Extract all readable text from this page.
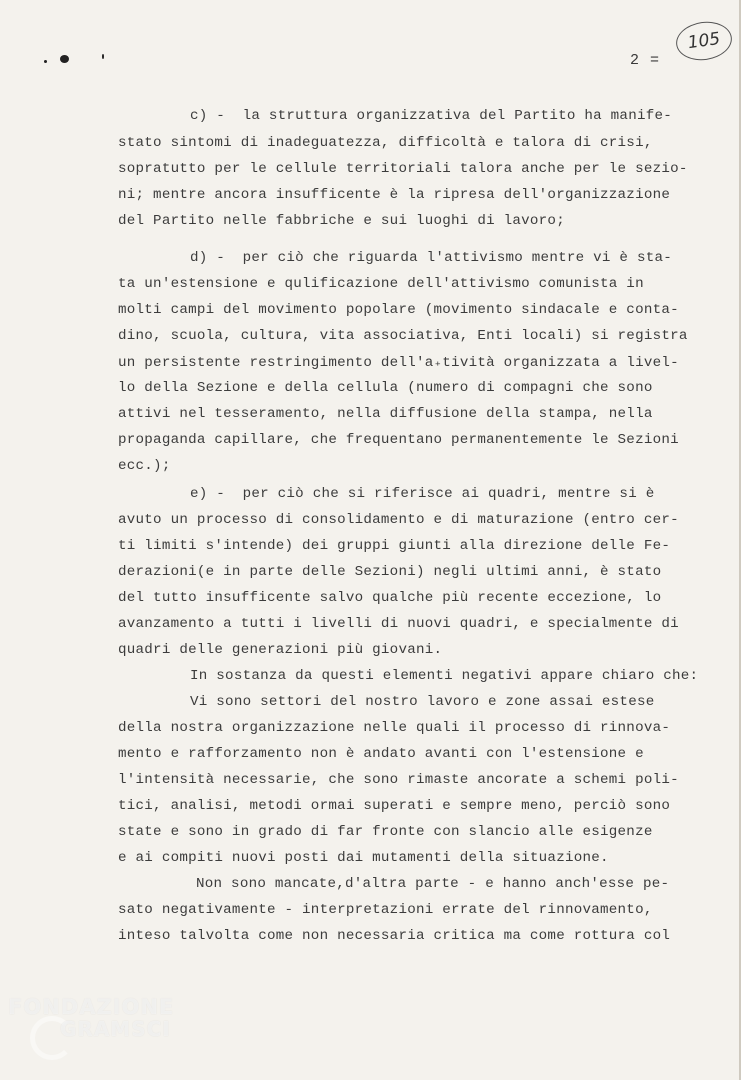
2 =
105
c) -  la struttura organizzativa del Partito ha manife-
stato sintomi di inadeguatezza, difficoltà e talora di crisi,
sopratutto per le cellule territoriali talora anche per le sezio-
ni; mentre ancora insufficente è la ripresa dell'organizzazione
del Partito nelle fabbriche e sui luoghi di lavoro;
d) -  per ciò che riguarda l'attivismo mentre vi è sta-
ta un'estensione e qulificazione dell'attivismo comunista in
molti campi del movimento popolare (movimento sindacale e conta-
dino, scuola, cultura, vita associativa, Enti locali) si registra
un persistente restringimento dell'a₊tività organizzata a livel-
lo della Sezione e della cellula (numero di compagni che sono
attivi nel tesseramento, nella diffusione della stampa, nella
propaganda capillare, che frequentano permanentemente le Sezioni
ecc.);
e) -  per ciò che si riferisce ai quadri, mentre si è
avuto un processo di consolidamento e di maturazione (entro cer-
ti limiti s'intende) dei gruppi giunti alla direzione delle Fe-
derazioni(e in parte delle Sezioni) negli ultimi anni, è stato
del tutto insufficente salvo qualche più recente eccezione, lo
avanzamento a tutti i livelli di nuovi quadri, e specialmente di
quadri delle generazioni più giovani.
In sostanza da questi elementi negativi appare chiaro che:
Vi sono settori del nostro lavoro e zone assai estese
della nostra organizzazione nelle quali il processo di rinnova-
mento e rafforzamento non è andato avanti con l'estensione e
l'intensità necessarie, che sono rimaste ancorate a schemi poli-
tici, analisi, metodi ormai superati e sempre meno, perciò sono
state e sono in grado di far fronte con slancio alle esigenze
e ai compiti nuovi posti dai mutamenti della situazione.
Non sono mancate,d'altra parte - e hanno anch'esse pe-
sato negativamente - interpretazioni errate del rinnovamento,
inteso talvolta come non necessaria critica ma come rottura col
FONDAZIONE
GRAMSCI
